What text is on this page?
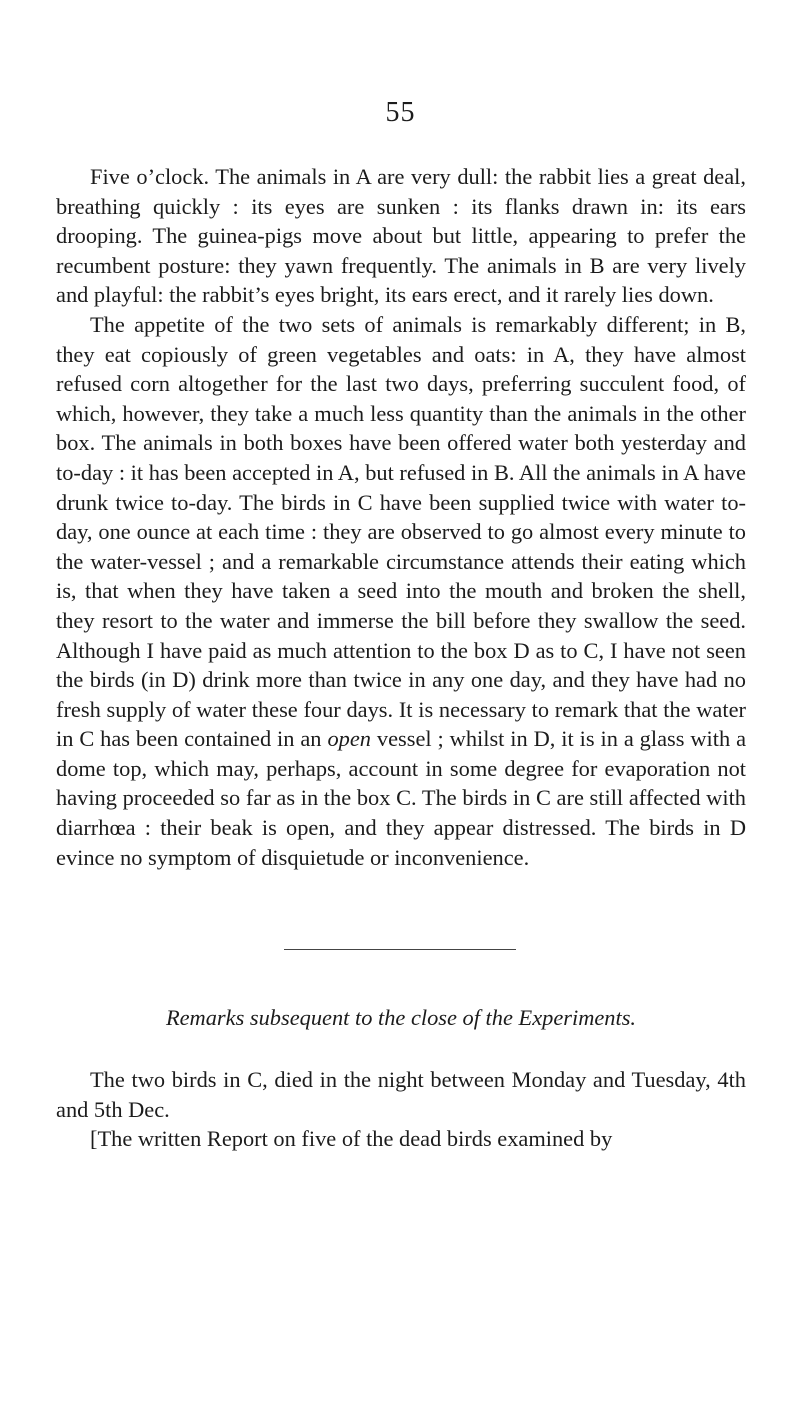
55

Five o’clock. The animals in A are very dull: the rabbit lies a great deal, breathing quickly : its eyes are sunken : its flanks drawn in: its ears drooping. The guinea-pigs move about but little, appearing to prefer the recumbent posture: they yawn frequently. The animals in B are very lively and playful: the rabbit’s eyes bright, its ears erect, and it rarely lies down.

The appetite of the two sets of animals is remarkably different; in B, they eat copiously of green vegetables and oats: in A, they have almost refused corn altogether for the last two days, preferring succulent food, of which, however, they take a much less quantity than the animals in the other box. The animals in both boxes have been offered water both yesterday and to-day : it has been accepted in A, but refused in B. All the animals in A have drunk twice to-day. The birds in C have been supplied twice with water to-day, one ounce at each time : they are observed to go almost every minute to the water-vessel ; and a remarkable circumstance attends their eating which is, that when they have taken a seed into the mouth and broken the shell, they resort to the water and immerse the bill before they swallow the seed. Although I have paid as much attention to the box D as to C, I have not seen the birds (in D) drink more than twice in any one day, and they have had no fresh supply of water these four days. It is necessary to remark that the water in C has been contained in an open vessel ; whilst in D, it is in a glass with a dome top, which may, perhaps, account in some degree for evaporation not having proceeded so far as in the box C. The birds in C are still affected with diarrhœa : their beak is open, and they appear distressed. The birds in D evince no symptom of disquietude or inconvenience.

Remarks subsequent to the close of the Experiments.

The two birds in C, died in the night between Monday and Tuesday, 4th and 5th Dec.

[The written Report on five of the dead birds examined by
